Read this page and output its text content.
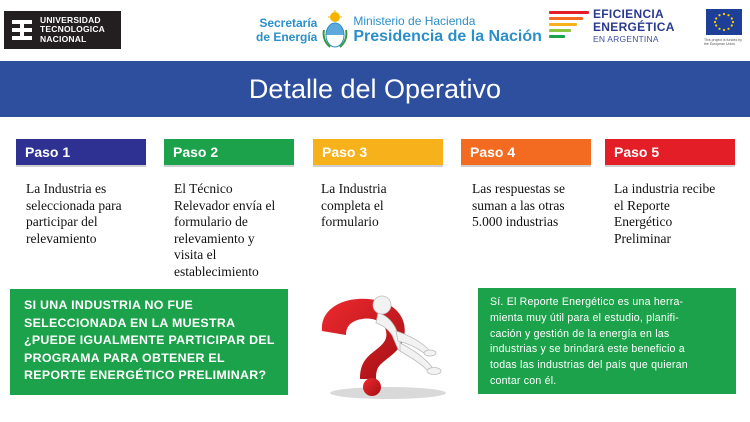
UNIVERSIDAD
TECNOLOGICA
NACIONAL
Secretaría
de Energía
Ministerio de Hacienda
Presidencia de la Nación
EFICIENCIA
ENERGÉTICA
EN ARGENTINA	This project is funded by the European Union
Detalle del Operativo
Paso 1	Paso 2	Paso 3	Paso 4	Paso 5
La Industria es
seleccionada para
participar del
relevamiento
El Técnico
Relevador envía el
formulario de
relevamiento y
visita el
establecimiento
La Industria
completa el
formulario
Las respuestas se
suman a las otras
5.000 industrias
La industria recibe
el Reporte
Energético
Preliminar
SI UNA INDUSTRIA NO FUE
SELECCIONADA EN LA MUESTRA
¿PUEDE IGUALMENTE PARTICIPAR DEL
PROGRAMA PARA OBTENER EL
REPORTE ENERGÉTICO PRELIMINAR?
Sí. El Reporte Energético es una herra-
mienta muy útil para el estudio, planifi-
cación y gestión de la energía en las
industrias y se brindará este beneficio a
todas las industrias del país que quieran
contar con él.
